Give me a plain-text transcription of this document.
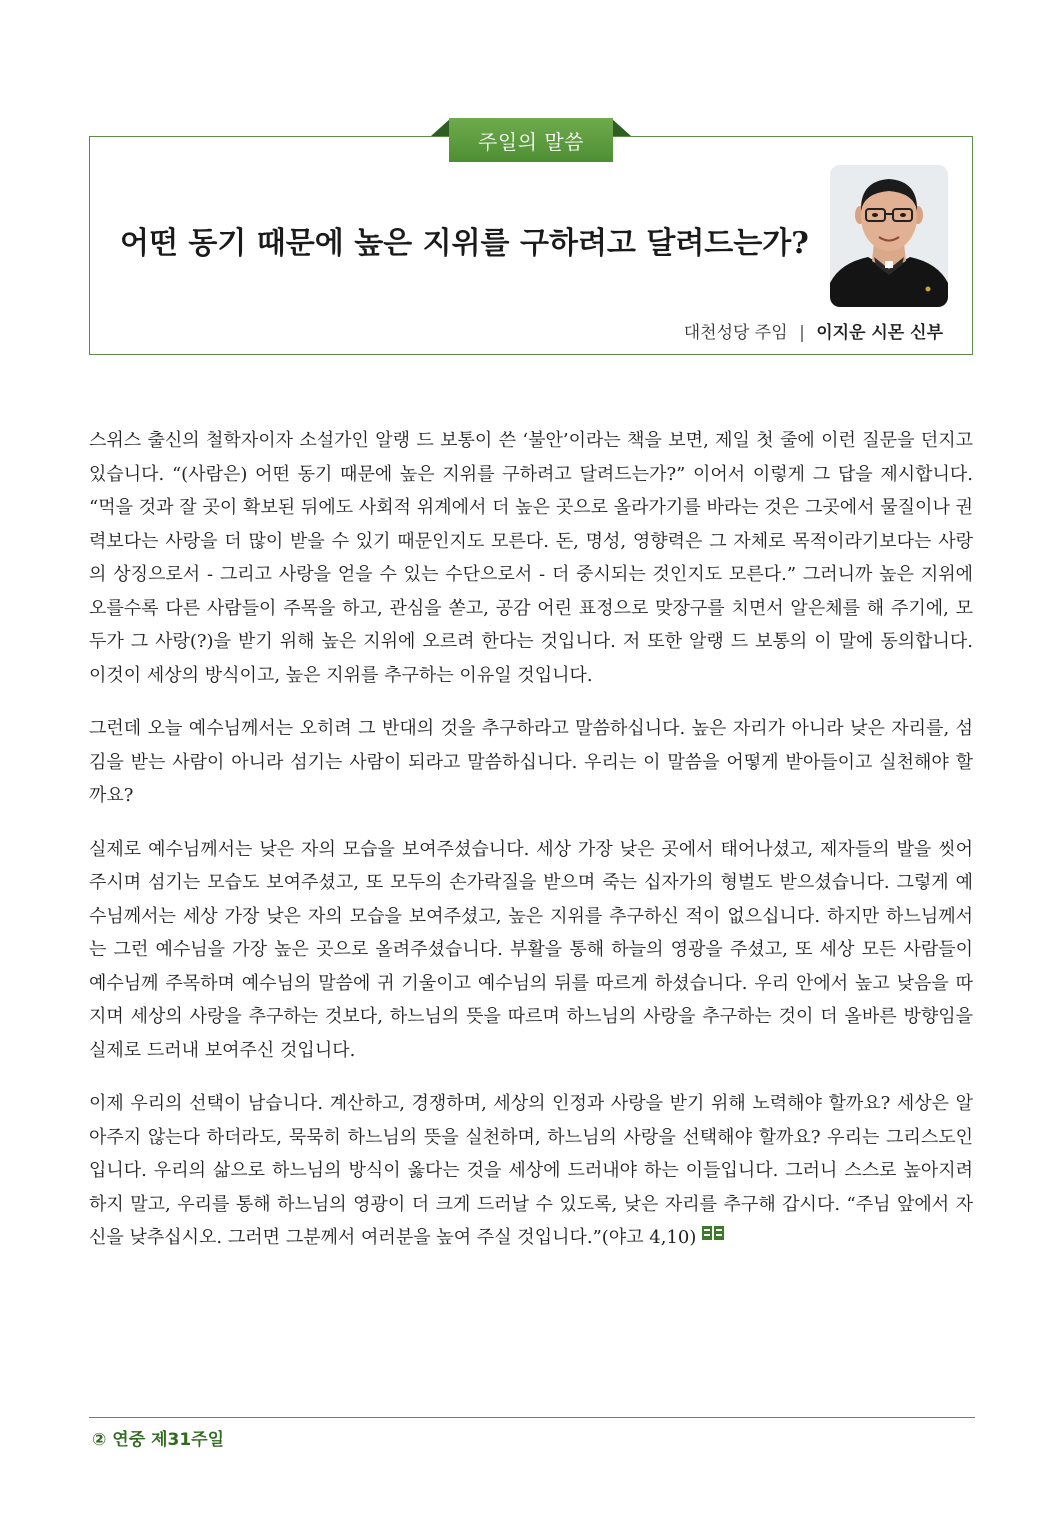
주일의 말씀
어떤 동기 때문에 높은 지위를 구하려고 달려드는가?
대천성당 주임 | 이지운 시몬 신부

스위스 출신의 철학자이자 소설가인 알랭 드 보통이 쓴 ‘불안’이라는 책을 보면, 제일 첫 줄에 이런 질문을 던지고 있습니다. “(사람은) 어떤 동기 때문에 높은 지위를 구하려고 달려드는가?” 이어서 이렇게 그 답을 제시합니다. “먹을 것과 잘 곳이 확보된 뒤에도 사회적 위계에서 더 높은 곳으로 올라가기를 바라는 것은 그곳에서 물질이나 권력보다는 사랑을 더 많이 받을 수 있기 때문인지도 모른다. 돈, 명성, 영향력은 그 자체로 목적이라기보다는 사랑의 상징으로서 - 그리고 사랑을 얻을 수 있는 수단으로서 - 더 중시되는 것인지도 모른다.” 그러니까 높은 지위에 오를수록 다른 사람들이 주목을 하고, 관심을 쏟고, 공감 어린 표정으로 맞장구를 치면서 알은체를 해 주기에, 모두가 그 사랑(?)을 받기 위해 높은 지위에 오르려 한다는 것입니다. 저 또한 알랭 드 보통의 이 말에 동의합니다. 이것이 세상의 방식이고, 높은 지위를 추구하는 이유일 것입니다.

그런데 오늘 예수님께서는 오히려 그 반대의 것을 추구하라고 말씀하십니다. 높은 자리가 아니라 낮은 자리를, 섬김을 받는 사람이 아니라 섬기는 사람이 되라고 말씀하십니다. 우리는 이 말씀을 어떻게 받아들이고 실천해야 할까요?

실제로 예수님께서는 낮은 자의 모습을 보여주셨습니다. 세상 가장 낮은 곳에서 태어나셨고, 제자들의 발을 씻어주시며 섬기는 모습도 보여주셨고, 또 모두의 손가락질을 받으며 죽는 십자가의 형벌도 받으셨습니다. 그렇게 예수님께서는 세상 가장 낮은 자의 모습을 보여주셨고, 높은 지위를 추구하신 적이 없으십니다. 하지만 하느님께서는 그런 예수님을 가장 높은 곳으로 올려주셨습니다. 부활을 통해 하늘의 영광을 주셨고, 또 세상 모든 사람들이 예수님께 주목하며 예수님의 말씀에 귀 기울이고 예수님의 뒤를 따르게 하셨습니다. 우리 안에서 높고 낮음을 따지며 세상의 사랑을 추구하는 것보다, 하느님의 뜻을 따르며 하느님의 사랑을 추구하는 것이 더 올바른 방향임을 실제로 드러내 보여주신 것입니다.

이제 우리의 선택이 남습니다. 계산하고, 경쟁하며, 세상의 인정과 사랑을 받기 위해 노력해야 할까요? 세상은 알아주지 않는다 하더라도, 묵묵히 하느님의 뜻을 실천하며, 하느님의 사랑을 선택해야 할까요? 우리는 그리스도인입니다. 우리의 삶으로 하느님의 방식이 옳다는 것을 세상에 드러내야 하는 이들입니다. 그러니 스스로 높아지려 하지 말고, 우리를 통해 하느님의 영광이 더 크게 드러날 수 있도록, 낮은 자리를 추구해 갑시다. “주님 앞에서 자신을 낮추십시오. 그러면 그분께서 여러분을 높여 주실 것입니다.”(야고 4,10)

② 연중 제31주일
